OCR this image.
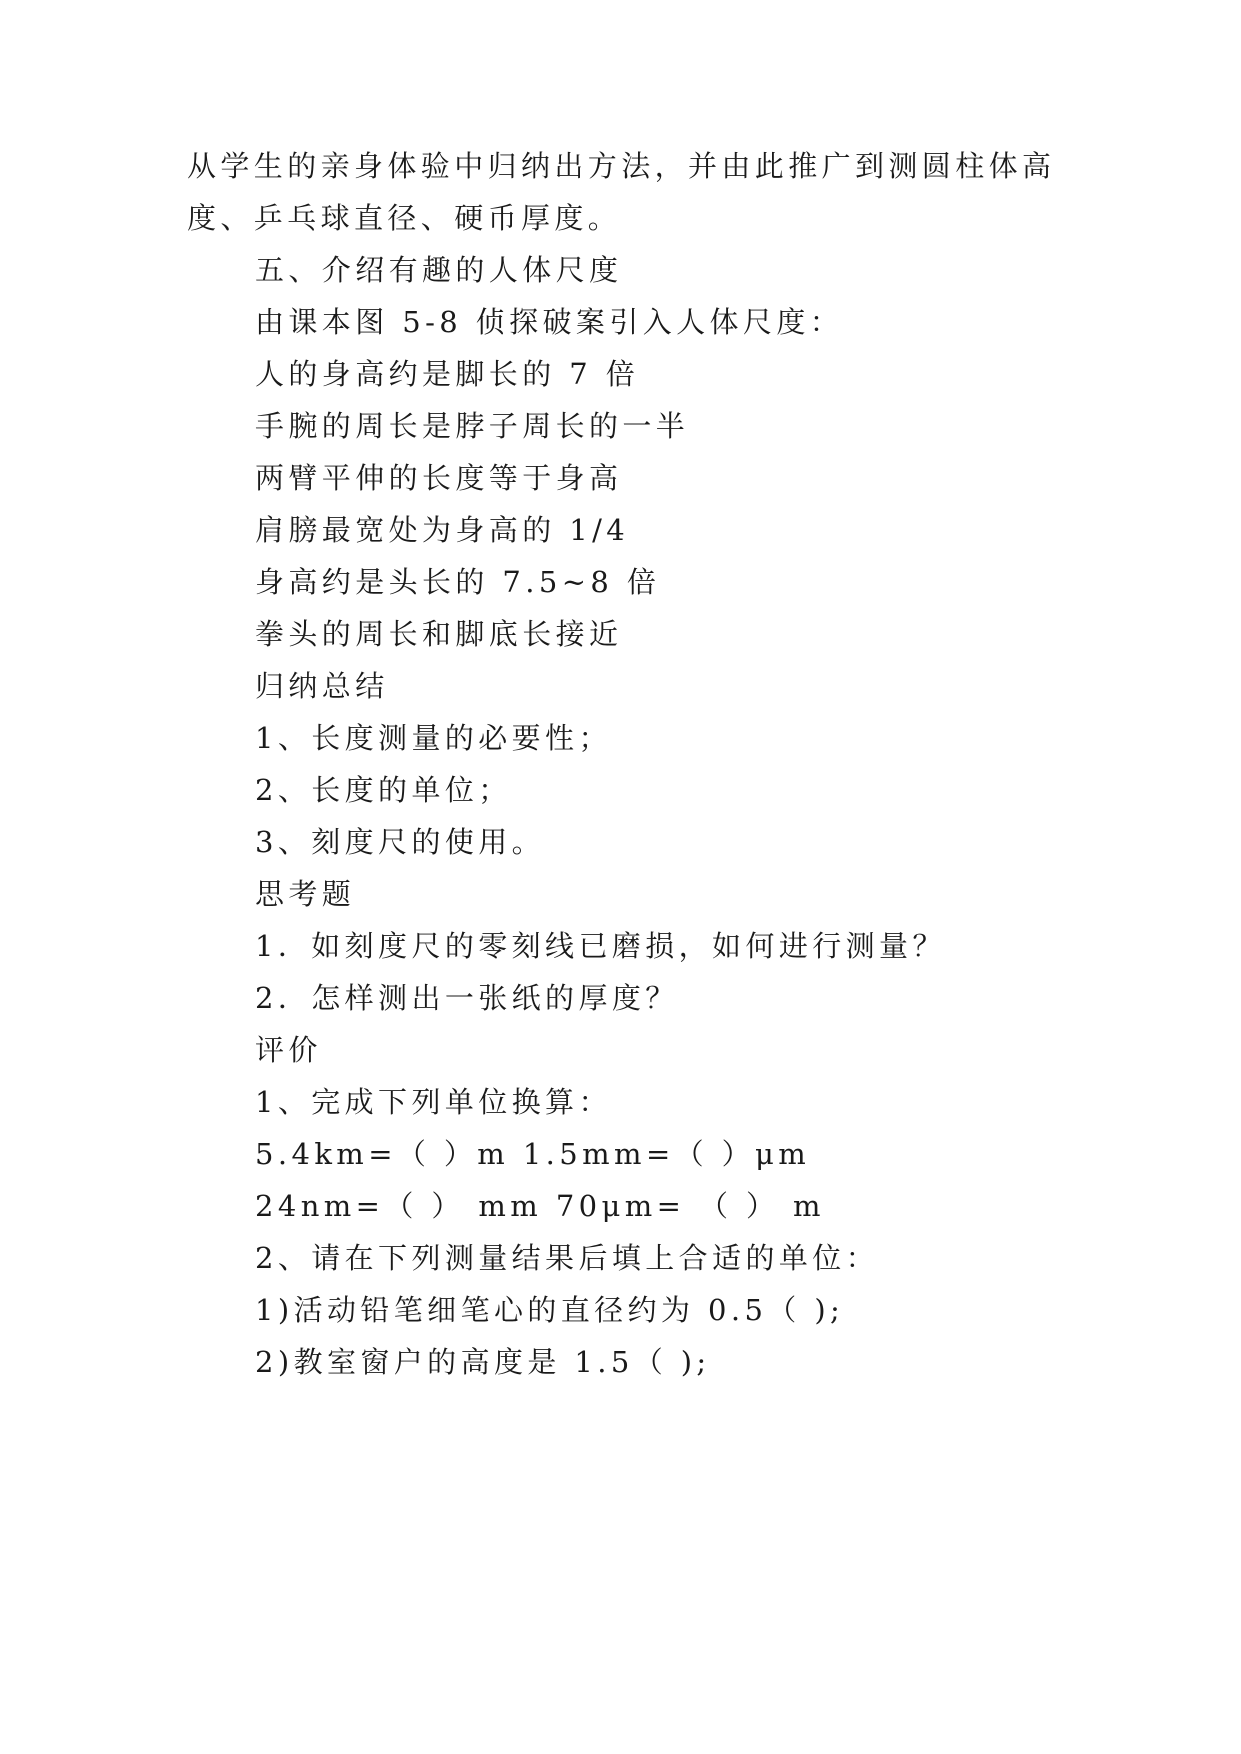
从学生的亲身体验中归纳出方法，并由此推广到测圆柱体高
度、乒乓球直径、硬币厚度。
五、介绍有趣的人体尺度
由课本图 5-8 侦探破案引入人体尺度：
人的身高约是脚长的 7 倍
手腕的周长是脖子周长的一半
两臂平伸的长度等于身高
肩膀最宽处为身高的 1/4
身高约是头长的 7.5~8 倍
拳头的周长和脚底长接近
归纳总结
1、长度测量的必要性；
2、长度的单位；
3、刻度尺的使用。
思考题
1．如刻度尺的零刻线已磨损，如何进行测量？
2．怎样测出一张纸的厚度？
评价
1、完成下列单位换算：
5.4km=（ ）m 1.5mm=（ ）μm
24nm=（ ） mm 70μm= （ ） m
2、请在下列测量结果后填上合适的单位：
1)活动铅笔细笔心的直径约为 0.5（ );
2)教室窗户的高度是 1.5（ );
